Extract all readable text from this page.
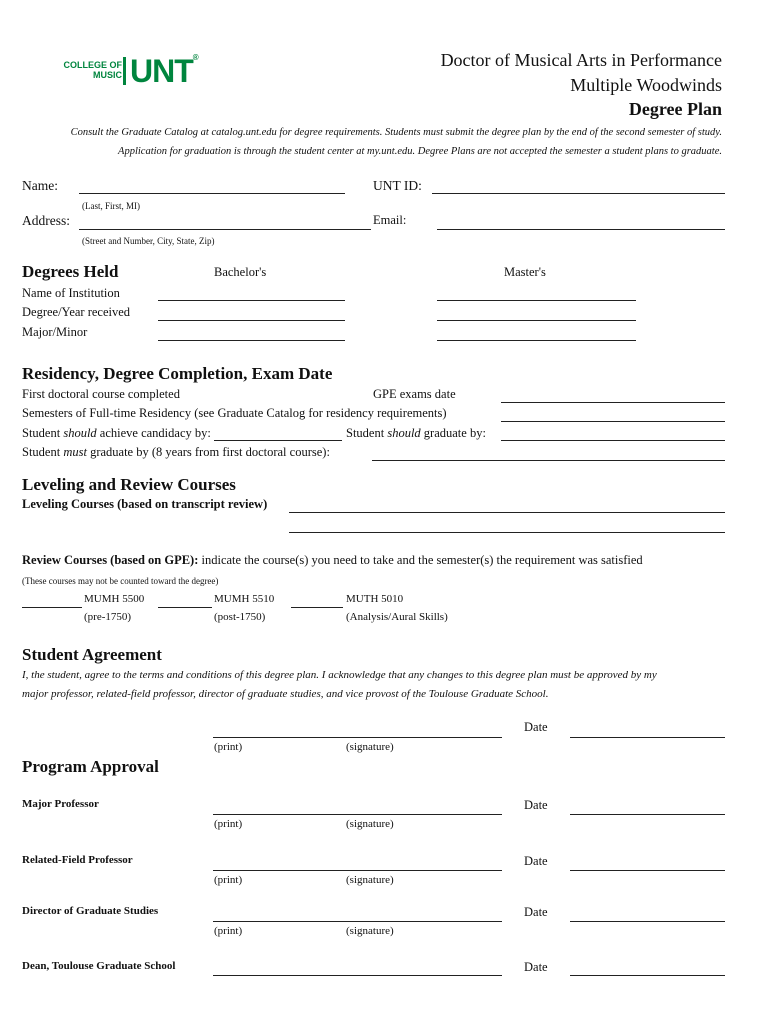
COLLEGE OF
MUSIC UNT®	Doctor of Musical Arts in Performance
Multiple Woodwinds
Degree Plan
Consult the Graduate Catalog at catalog.unt.edu for degree requirements. Students must submit the degree plan by the end of the second semester of study.
Application for graduation is through the student center at my.unt.edu. Degree Plans are not accepted the semester a student plans to graduate.
Name:
(Last, First, MI)
UNT ID:
Address:
(Street and Number, City, State, Zip)
Email:
Degrees Held	Bachelor's	Master's
Name of Institution
Degree/Year received
Major/Minor
Residency, Degree Completion, Exam Date
First doctoral course completed	GPE exams date
Semesters of Full-time Residency (see Graduate Catalog for residency requirements)
Student should achieve candidacy by:	Student should graduate by:
Student must graduate by (8 years from first doctoral course):
Leveling and Review Courses
Leveling Courses (based on transcript review)
Review Courses (based on GPE): indicate the course(s) you need to take and the semester(s) the requirement was satisfied
(These courses may not be counted toward the degree)
MUMH 5500
(pre-1750)
MUMH 5510
(post-1750)
MUTH 5010
(Analysis/Aural Skills)
Student Agreement
I, the student, agree to the terms and conditions of this degree plan. I acknowledge that any changes to this degree plan must be approved by my
major professor, related-field professor, director of graduate studies, and vice provost of the Toulouse Graduate School.
Date
(print)	(signature)
Program Approval
Major Professor	Date
(print)	(signature)
Related-Field Professor	Date
(print)	(signature)
Director of Graduate Studies	Date
(print)	(signature)
Dean, Toulouse Graduate School	Date
